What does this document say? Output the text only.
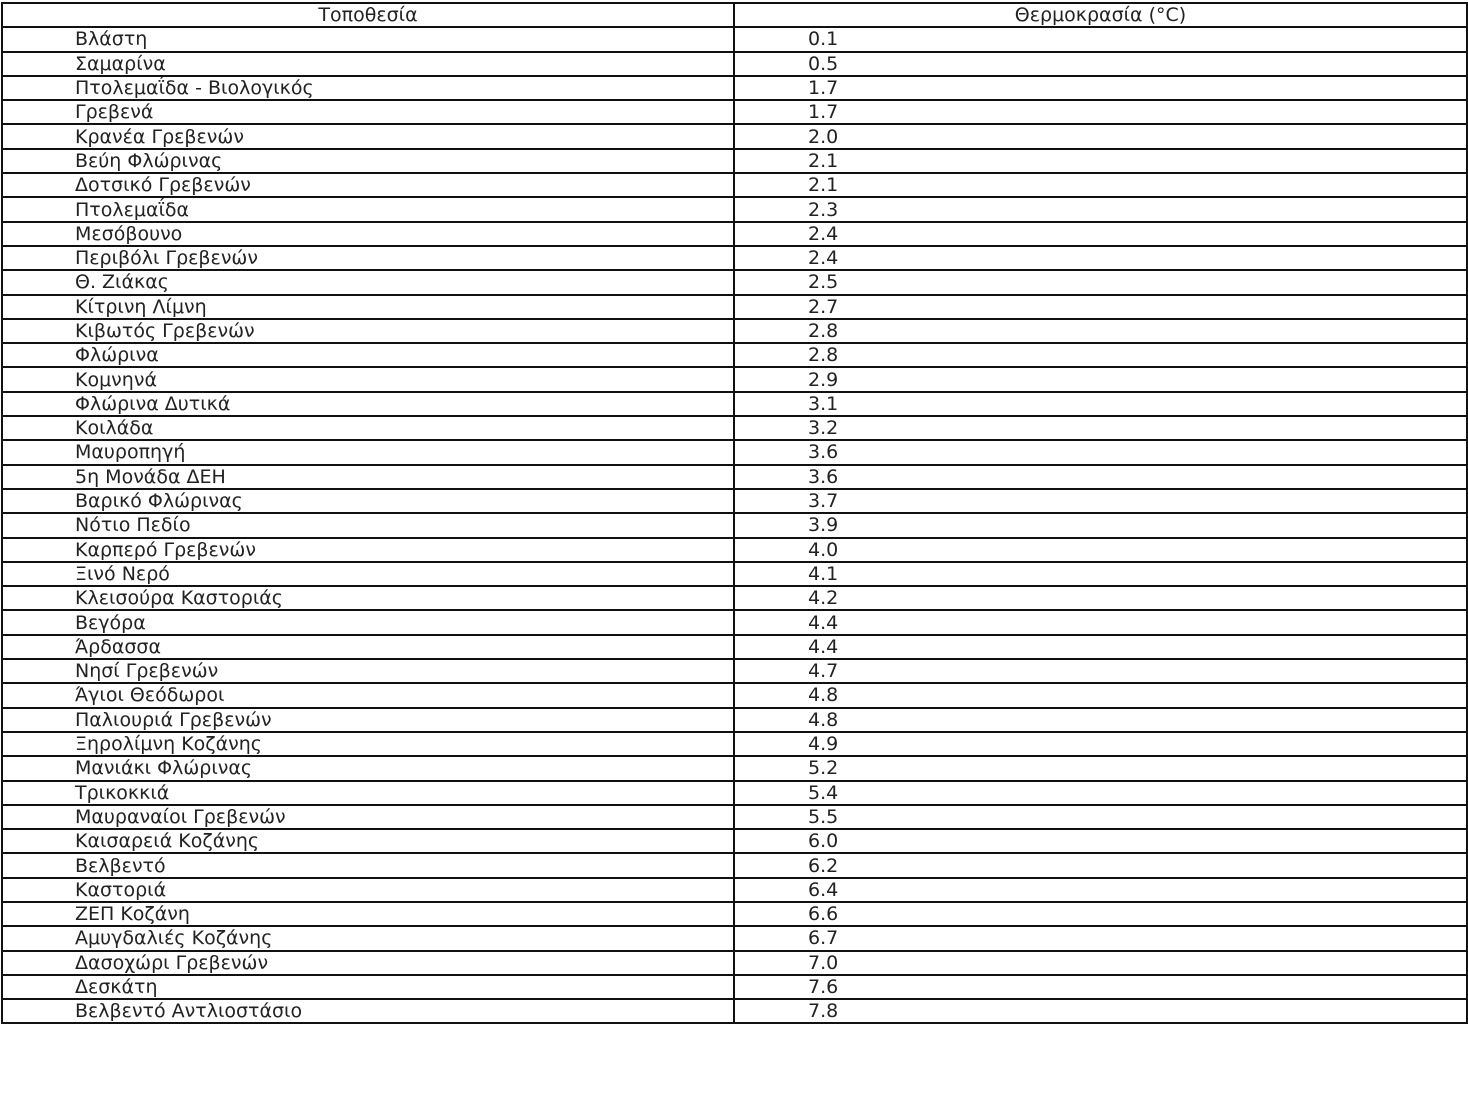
Τοποθεσία	Θερμοκρασία (°C)
Βλάστη	0.1
Σαμαρίνα	0.5
Πτολεμαΐδα - Βιολογικός	1.7
Γρεβενά	1.7
Κρανέα Γρεβενών	2.0
Βεύη Φλώρινας	2.1
Δοτσικό Γρεβενών	2.1
Πτολεμαΐδα	2.3
Μεσόβουνο	2.4
Περιβόλι Γρεβενών	2.4
Θ. Ζιάκας	2.5
Κίτρινη Λίμνη	2.7
Κιβωτός Γρεβενών	2.8
Φλώρινα	2.8
Κομνηνά	2.9
Φλώρινα Δυτικά	3.1
Κοιλάδα	3.2
Μαυροπηγή	3.6
5η Μονάδα ΔΕΗ	3.6
Βαρικό Φλώρινας	3.7
Νότιο Πεδίο	3.9
Καρπερό Γρεβενών	4.0
Ξινό Νερό	4.1
Κλεισούρα Καστοριάς	4.2
Βεγόρα	4.4
Άρδασσα	4.4
Νησί Γρεβενών	4.7
Άγιοι Θεόδωροι	4.8
Παλιουριά Γρεβενών	4.8
Ξηρολίμνη Κοζάνης	4.9
Μανιάκι Φλώρινας	5.2
Τρικοκκιά	5.4
Μαυραναίοι Γρεβενών	5.5
Καισαρειά Κοζάνης	6.0
Βελβεντό	6.2
Καστοριά	6.4
ΖΕΠ Κοζάνη	6.6
Αμυγδαλιές Κοζάνης	6.7
Δασοχώρι Γρεβενών	7.0
Δεσκάτη	7.6
Βελβεντό Αντλιοστάσιο	7.8
